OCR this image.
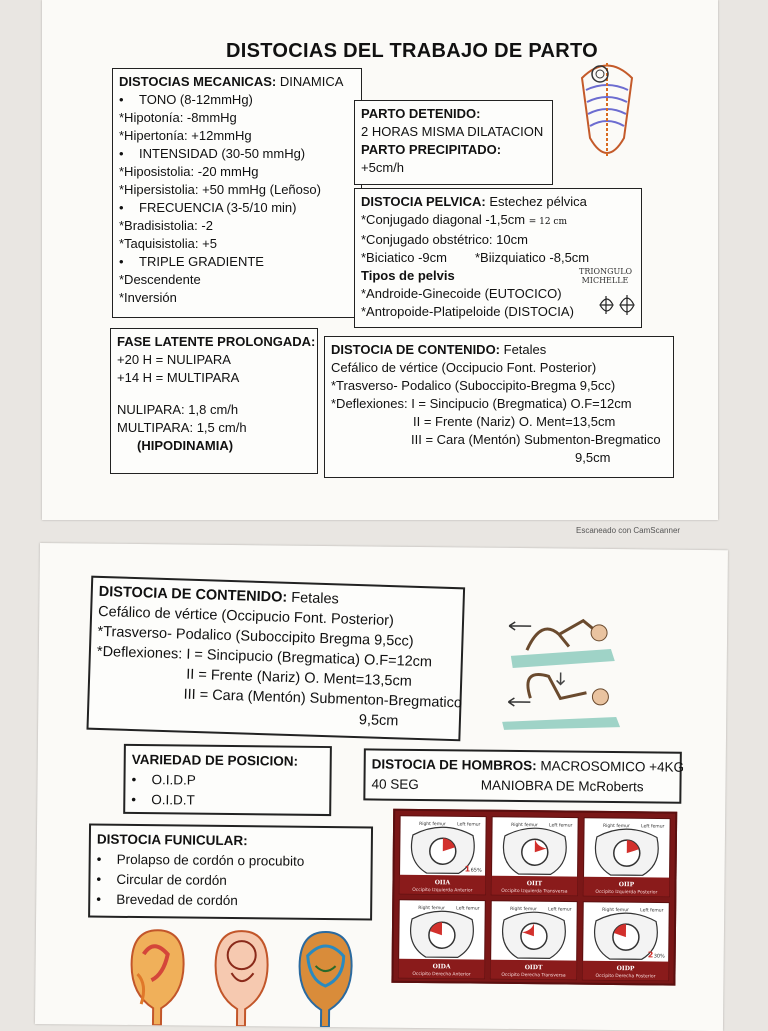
DISTOCIAS DEL TRABAJO DE PARTO
DISTOCIAS MECANICAS: DINAMICA
• TONO (8-12mmHg)
*Hipotonía: -8mmHg
*Hipertonía: +12mmHg
• INTENSIDAD (30-50 mmHg)
*Hiposistolia: -20 mmHg
*Hipersistolia: +50 mmHg (Leñoso)
• FRECUENCIA (3-5/10 min)
*Bradisistolia: -2
*Taquisistolia: +5
• TRIPLE GRADIENTE
*Descendente
*Inversión
PARTO DETENIDO:
2 HORAS MISMA DILATACION
PARTO PRECIPITADO:
+5cm/h
DISTOCIA PELVICA: Estechez pélvica
*Conjugado diagonal -1,5cm = 12 cm
*Conjugado obstétrico: 10cm
*Biciatico -9cm *Biizquiatico -8,5cm
Tipos de pelvis
*Androide-Ginecoide (EUTOCICO)
*Antropoide-Platipeloide (DISTOCIA)
TRIONGULO MICHELLE
FASE LATENTE PROLONGADA:
+20 H = NULIPARA
+14 H = MULTIPARA
NULIPARA: 1,8 cm/h
MULTIPARA: 1,5 cm/h
(HIPODINAMIA)
DISTOCIA DE CONTENIDO: Fetales
Cefálico de vértice (Occipucio Font. Posterior)
*Trasverso- Podalico (Suboccipito-Bregma 9,5cc)
*Deflexiones: I = Sincipucio (Bregmatica) O.F=12cm
II = Frente (Nariz) O. Ment=13,5cm
III = Cara (Mentón) Submenton-Bregmatico
9,5cm
Escaneado con CamScanner
DISTOCIA DE CONTENIDO: Fetales
Cefálico de vértice (Occipucio Font. Posterior)
*Trasverso- Podalico (Suboccipito Bregma 9,5cc)
*Deflexiones: I = Sincipucio (Bregmatica) O.F=12cm
II = Frente (Nariz) O. Ment=13,5cm
III = Cara (Mentón) Submenton-Bregmatico
9,5cm
VARIEDAD DE POSICION:
• O.I.D.P
• O.I.D.T
DISTOCIA DE HOMBROS: MACROSOMICO +4KG
40 SEG	MANIOBRA DE McRoberts
DISTOCIA FUNICULAR:
• Prolapso de cordón o procubito
• Circular de cordón
• Brevedad de cordón
OIIA
Occipito Izquierda Anterior
Right femur Left femur
1 65%
OIIT
Occipito Izquierda Transversa
Right femur Left femur
OIIP
Occipito Izquierda Posterior
Right femur Left femur
OIDA
Occipito Derecha Anterior
Right femur Left femur
OIDT
Occipito Derecha Transversa
Right femur Left femur
OIDP
Occipito Derecha Posterior
Right femur Left femur
2 30%
